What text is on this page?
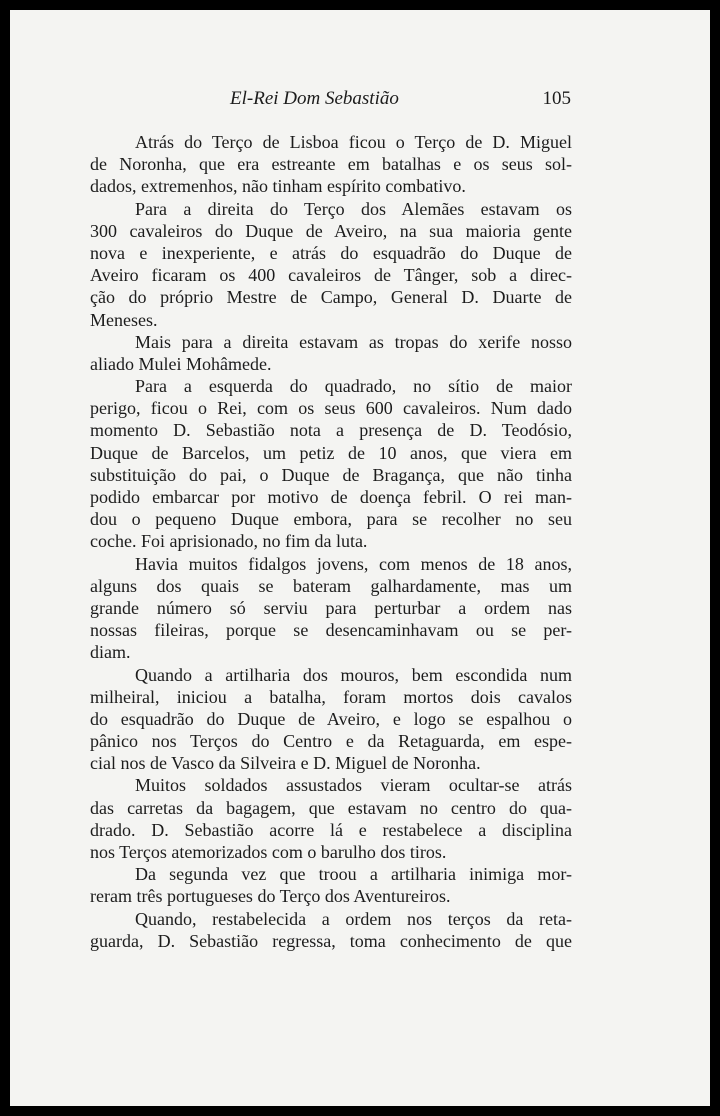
El-Rei Dom Sebastião	105

Atrás do Terço de Lisboa ficou o Terço de D. Miguel
de Noronha, que era estreante em batalhas e os seus sol-
dados, extremenhos, não tinham espírito combativo.

Para a direita do Terço dos Alemães estavam os
300 cavaleiros do Duque de Aveiro, na sua maioria gente
nova e inexperiente, e atrás do esquadrão do Duque de
Aveiro ficaram os 400 cavaleiros de Tânger, sob a direc-
ção do próprio Mestre de Campo, General D. Duarte de
Meneses.

Mais para a direita estavam as tropas do xerife nosso
aliado Mulei Mohâmede.

Para a esquerda do quadrado, no sítio de maior
perigo, ficou o Rei, com os seus 600 cavaleiros. Num dado
momento D. Sebastião nota a presença de D. Teodósio,
Duque de Barcelos, um petiz de 10 anos, que viera em
substituição do pai, o Duque de Bragança, que não tinha
podido embarcar por motivo de doença febril. O rei man-
dou o pequeno Duque embora, para se recolher no seu
coche. Foi aprisionado, no fim da luta.

Havia muitos fidalgos jovens, com menos de 18 anos,
alguns dos quais se bateram galhardamente, mas um
grande número só serviu para perturbar a ordem nas
nossas fileiras, porque se desencaminhavam ou se per-
diam.

Quando a artilharia dos mouros, bem escondida num
milheiral, iniciou a batalha, foram mortos dois cavalos
do esquadrão do Duque de Aveiro, e logo se espalhou o
pânico nos Terços do Centro e da Retaguarda, em espe-
cial nos de Vasco da Silveira e D. Miguel de Noronha.

Muitos soldados assustados vieram ocultar-se atrás
das carretas da bagagem, que estavam no centro do qua-
drado. D. Sebastião acorre lá e restabelece a disciplina
nos Terços atemorizados com o barulho dos tiros.

Da segunda vez que troou a artilharia inimiga mor-
reram três portugueses do Terço dos Aventureiros.

Quando, restabelecida a ordem nos terços da reta-
guarda, D. Sebastião regressa, toma conhecimento de que
